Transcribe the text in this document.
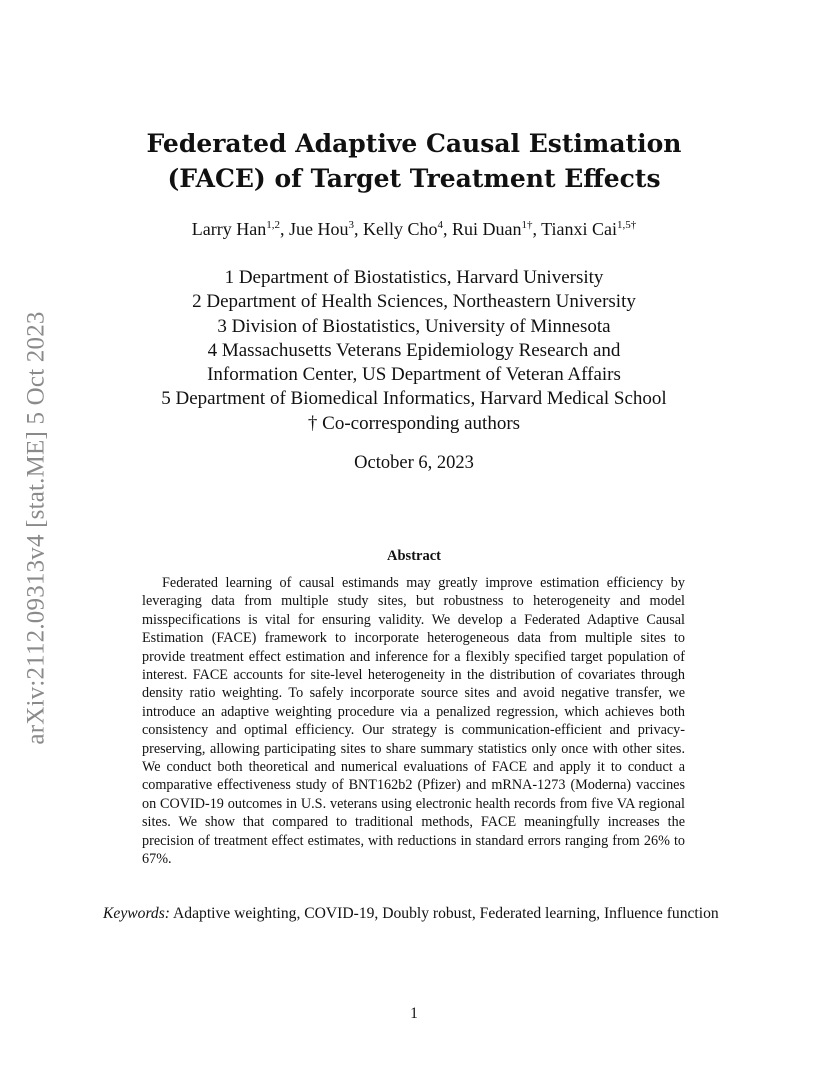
arXiv:2112.09313v4 [stat.ME] 5 Oct 2023
Federated Adaptive Causal Estimation
(FACE) of Target Treatment Effects
Larry Han$^{1,2}$, Jue Hou$^3$, Kelly Cho$^4$, Rui Duan$^{1\dagger}$, Tianxi Cai$^{1,5\dagger}$
1 Department of Biostatistics, Harvard University
2 Department of Health Sciences, Northeastern University
3 Division of Biostatistics, University of Minnesota
4 Massachusetts Veterans Epidemiology Research and
Information Center, US Department of Veteran Affairs
5 Department of Biomedical Informatics, Harvard Medical School
† Co-corresponding authors
October 6, 2023
Abstract

Federated learning of causal estimands may greatly improve estimation efficiency by leveraging data from multiple study sites, but robustness to heterogeneity and model misspecifications is vital for ensuring validity. We develop a Federated Adaptive Causal Estimation (FACE) framework to incorporate heterogeneous data from multiple sites to provide treatment effect estimation and inference for a flexibly specified target population of interest. FACE accounts for site-level heterogeneity in the distribution of covariates through density ratio weighting. To safely incorporate source sites and avoid negative transfer, we introduce an adaptive weighting procedure via a penalized regression, which achieves both consistency and optimal efficiency. Our strategy is communication-efficient and privacy-preserving, allowing participating sites to share summary statistics only once with other sites. We conduct both theoretical and numerical evaluations of FACE and apply it to conduct a comparative effectiveness study of BNT162b2 (Pfizer) and mRNA-1273 (Moderna) vaccines on COVID-19 outcomes in U.S. veterans using electronic health records from five VA regional sites. We show that compared to traditional methods, FACE meaningfully increases the precision of treatment effect estimates, with reductions in standard errors ranging from 26% to 67%.

Keywords: Adaptive weighting, COVID-19, Doubly robust, Federated learning, Influence function
1
